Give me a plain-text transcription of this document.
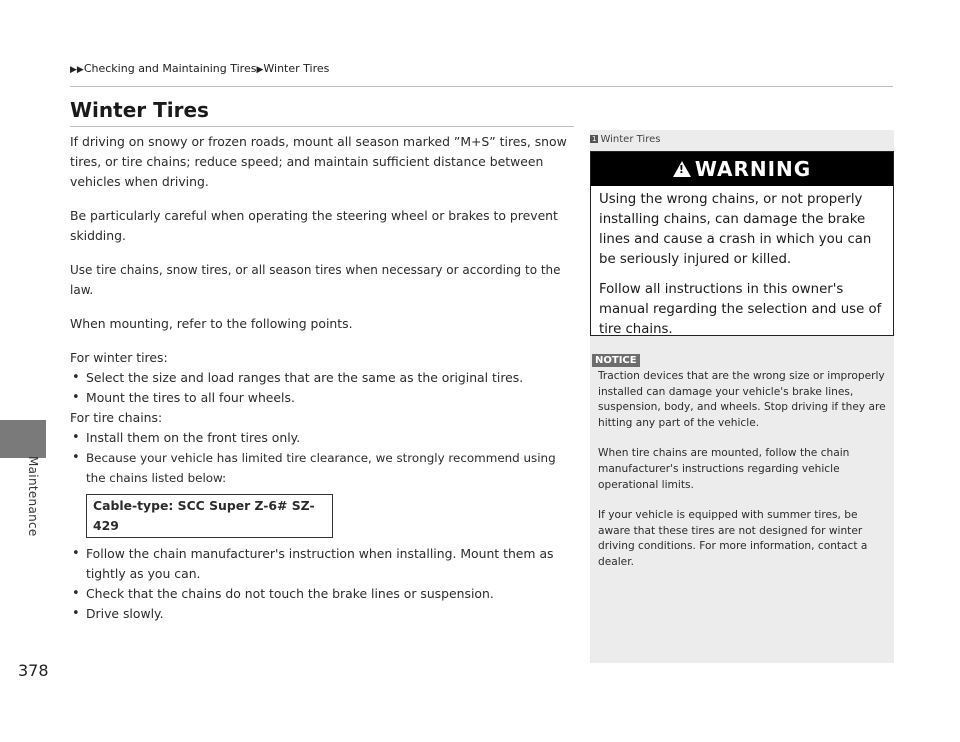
Maintenance
▶▶Checking and Maintaining Tires▶Winter Tires
Winter Tires

If driving on snowy or frozen roads, mount all season marked ”M+S” tires, snow tires, or tire chains; reduce speed; and maintain sufficient distance between vehicles when driving.

Be particularly careful when operating the steering wheel or brakes to prevent skidding.

Use tire chains, snow tires, or all season tires when necessary or according to the law.

When mounting, refer to the following points.

For winter tires:

• Select the size and load ranges that are the same as the original tires.
• Mount the tires to all four wheels.

For tire chains:

• Install them on the front tires only.
• Because your vehicle has limited tire clearance, we strongly recommend using the chains listed below:
Cable-type: SCC Super Z-6# SZ-429
• Follow the chain manufacturer's instruction when installing. Mount them as tightly as you can.
• Check that the chains do not touch the brake lines or suspension.
• Drive slowly.
1 Winter Tires
!
WARNING

Using the wrong chains, or not properly installing chains, can damage the brake lines and cause a crash in which you can be seriously injured or killed.

Follow all instructions in this owner's manual regarding the selection and use of tire chains.

NOTICE

Traction devices that are the wrong size or improperly installed can damage your vehicle's brake lines, suspension, body, and wheels. Stop driving if they are hitting any part of the vehicle.

When tire chains are mounted, follow the chain manufacturer's instructions regarding vehicle operational limits.

If your vehicle is equipped with summer tires, be aware that these tires are not designed for winter driving conditions. For more information, contact a dealer.

378
